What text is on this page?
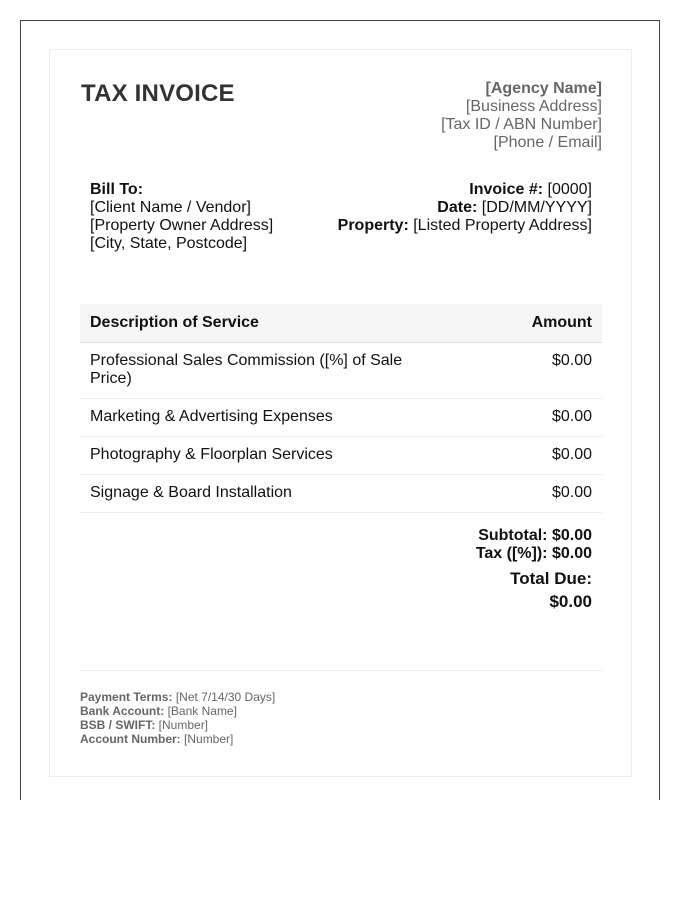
TAX INVOICE	[Agency Name]
[Business Address]
[Tax ID / ABN Number]
[Phone / Email]
Bill To:
[Client Name / Vendor]
[Property Owner Address]
[City, State, Postcode]
Invoice #: [0000]
Date: [DD/MM/YYYY]
Property: [Listed Property Address]
Description of Service	Amount
Professional Sales Commission ([%] of Sale Price)	$0.00
Marketing & Advertising Expenses	$0.00
Photography & Floorplan Services	$0.00
Signage & Board Installation	$0.00
Subtotal: $0.00
Tax ([%]): $0.00
Total Due:
$0.00
Payment Terms: [Net 7/14/30 Days]
Bank Account: [Bank Name]
BSB / SWIFT: [Number]
Account Number: [Number]
